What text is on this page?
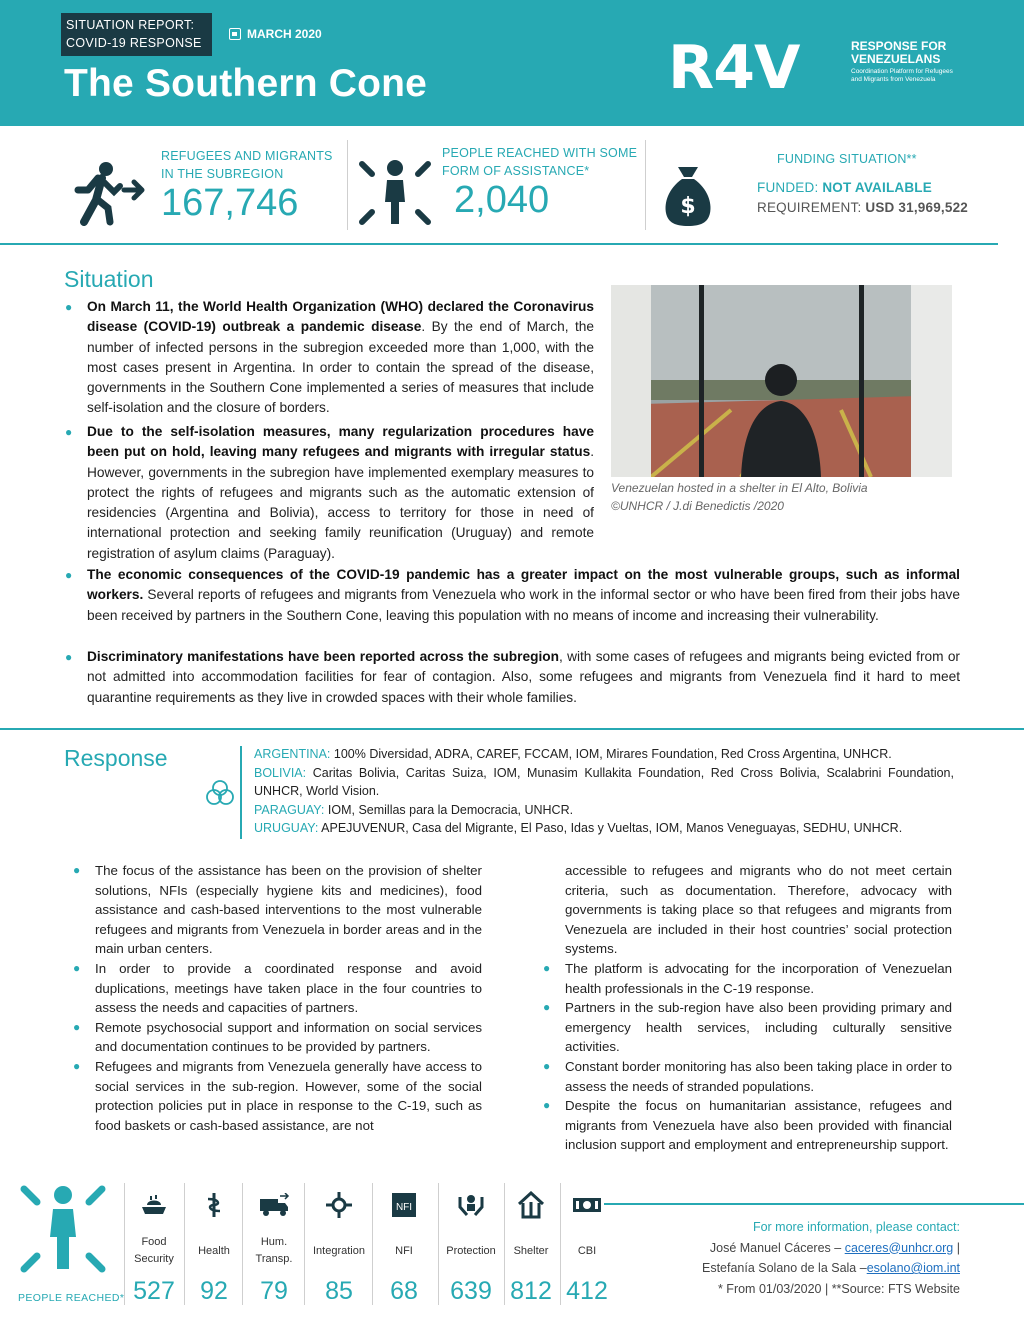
SITUATION REPORT:
COVID-19 RESPONSE
MARCH 2020
The Southern Cone	R4V	RESPONSE FOR VENEZUELANS
Coordination Platform for Refugees and Migrants from Venezuela
REFUGEES AND MIGRANTS
IN THE SUBREGION
167,746
PEOPLE REACHED WITH SOME
FORM OF ASSISTANCE*
2,040	$
FUNDING SITUATION**
FUNDED: NOT AVAILABLE
REQUIREMENT: USD 31,969,522
Situation
● On March 11, the World Health Organization (WHO) declared the Coronavirus disease (COVID-19) outbreak a pandemic disease. By the end of March, the number of infected persons in the subregion exceeded more than 1,000, with the most cases present in Argentina. In order to contain the spread of the disease, governments in the Southern Cone implemented a series of measures that include self-isolation and the closure of borders.
● Due to the self-isolation measures, many regularization procedures have been put on hold, leaving many refugees and migrants with irregular status. However, governments in the subregion have implemented exemplary measures to protect the rights of refugees and migrants such as the automatic extension of residencies (Argentina and Bolivia), access to territory for those in need of international protection and seeking family reunification (Uruguay) and remote registration of asylum claims (Paraguay).
Venezuelan hosted in a shelter in El Alto, Bolivia
©UNHCR / J.di Benedictis /2020
● The economic consequences of the COVID-19 pandemic has a greater impact on the most vulnerable groups, such as informal workers. Several reports of refugees and migrants from Venezuela who work in the informal sector or who have been fired from their jobs have been received by partners in the Southern Cone, leaving this population with no means of income and increasing their vulnerability.
● Discriminatory manifestations have been reported across the subregion, with some cases of refugees and migrants being evicted from or not admitted into accommodation facilities for fear of contagion. Also, some refugees and migrants from Venezuela find it hard to meet quarantine requirements as they live in crowded spaces with their whole families.
Response	ARGENTINA: 100% Diversidad, ADRA, CAREF, FCCAM, IOM, Mirares Foundation, Red Cross Argentina, UNHCR.
BOLIVIA: Caritas Bolivia, Caritas Suiza, IOM, Munasim Kullakita Foundation, Red Cross Bolivia, Scalabrini Foundation, UNHCR, World Vision.
PARAGUAY: IOM, Semillas para la Democracia, UNHCR.
URUGUAY: APEJUVENUR, Casa del Migrante, El Paso, Idas y Vueltas, IOM, Manos Veneguayas, SEDHU, UNHCR.
● The focus of the assistance has been on the provision of shelter solutions, NFIs (especially hygiene kits and medicines), food assistance and cash-based interventions to the most vulnerable refugees and migrants from Venezuela in border areas and in the main urban centers.
● In order to provide a coordinated response and avoid duplications, meetings have taken place in the four countries to assess the needs and capacities of partners.
● Remote psychosocial support and information on social services and documentation continues to be provided by partners.
● Refugees and migrants from Venezuela generally have access to social services in the sub-region. However, some of the social protection policies put in place in response to the C-19, such as food baskets or cash-based assistance, are not
accessible to refugees and migrants who do not meet certain criteria, such as documentation. Therefore, advocacy with governments is taking place so that refugees and migrants from Venezuela are included in their host countries’ social protection systems.
● The platform is advocating for the incorporation of Venezuelan health professionals in the C-19 response.
● Partners in the sub-region have also been providing primary and emergency health services, including culturally sensitive activities.
● Constant border monitoring has also been taking place in order to assess the needs of stranded populations.
● Despite the focus on humanitarian assistance, refugees and migrants from Venezuela have also been provided with financial inclusion support and employment and entrepreneurship support.
PEOPLE REACHED*
Food
Security
527
Health
92
Hum.
Transp.
79
Integration
85
NFI
NFI
68
Protection
639
Shelter
812
CBI
412
For more information, please contact:
José Manuel Cáceres – caceres@unhcr.org |
Estefanía Solano de la Sala –esolano@iom.int
* From 01/03/2020 | **Source: FTS Website
